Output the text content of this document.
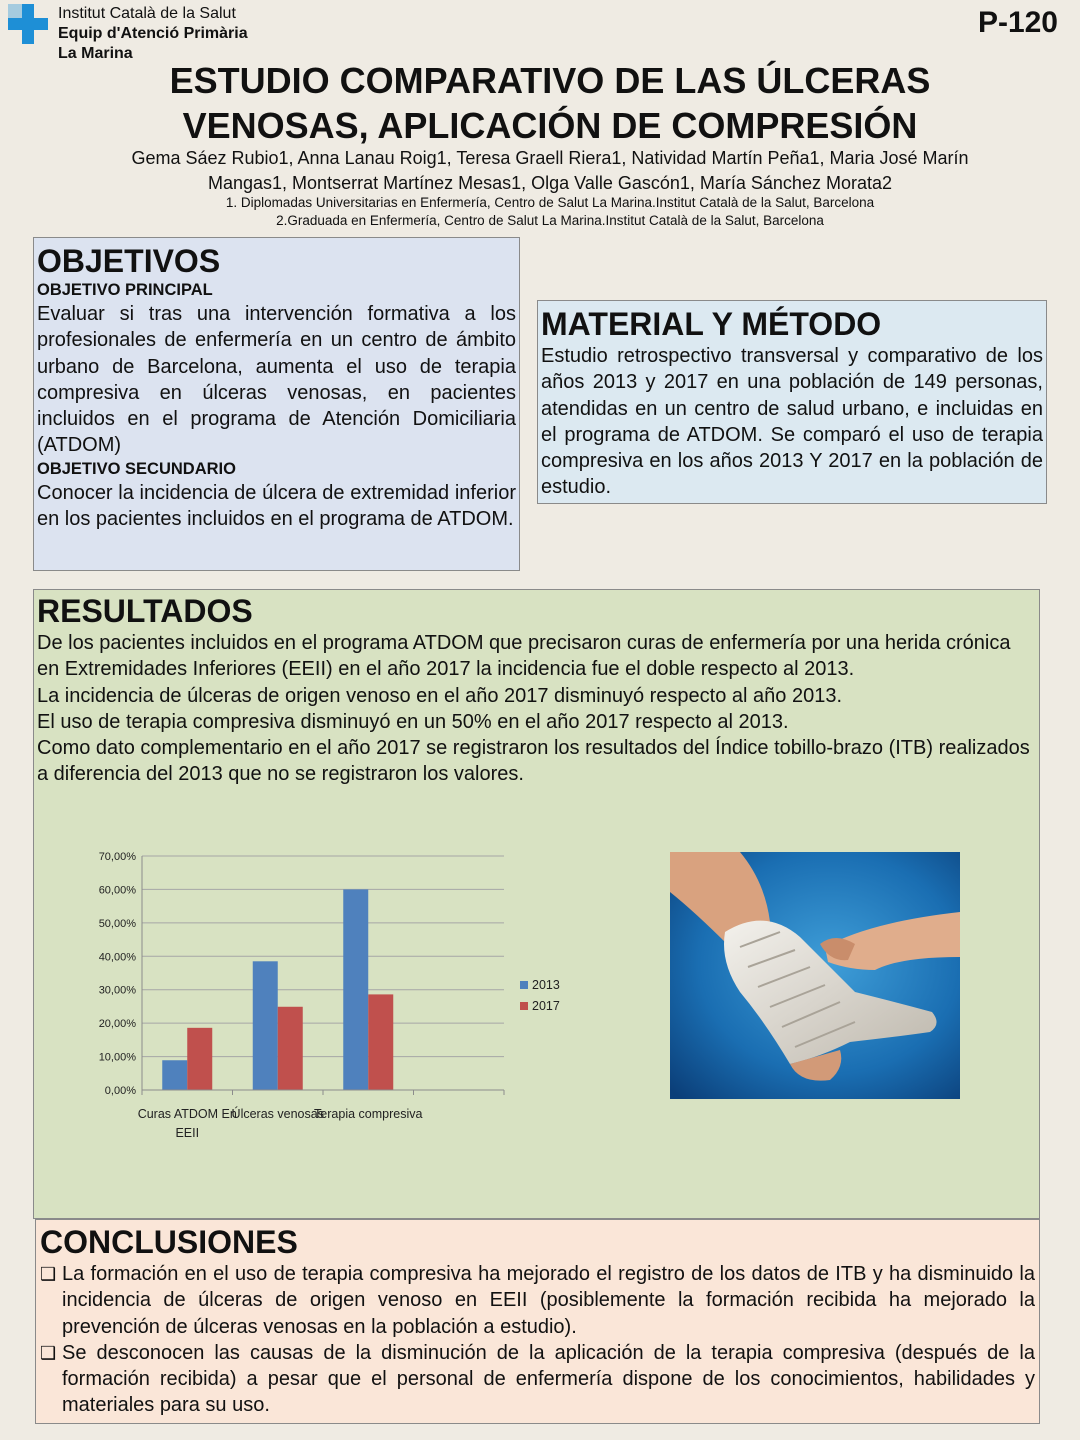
Institut Català de la Salut
Equip d'Atenció Primària
La Marina
P-120
ESTUDIO COMPARATIVO DE LAS ÚLCERAS
VENOSAS, APLICACIÓN DE COMPRESIÓN
Gema Sáez Rubio1, Anna Lanau Roig1, Teresa Graell Riera1, Natividad Martín Peña1, Maria José Marín
Mangas1, Montserrat Martínez Mesas1, Olga Valle Gascón1, María Sánchez Morata2
1. Diplomadas Universitarias en Enfermería, Centro de Salut La Marina.Institut Català de la Salut, Barcelona
2.Graduada en Enfermería, Centro de Salut La Marina.Institut Català de la Salut, Barcelona
OBJETIVOS
OBJETIVO PRINCIPAL
Evaluar si tras una intervención formativa a los profesionales de enfermería en un centro de ámbito urbano de Barcelona, aumenta el uso de terapia compresiva en úlceras venosas, en pacientes incluidos en el programa de Atención Domiciliaria (ATDOM)
OBJETIVO SECUNDARIO
Conocer la incidencia de úlcera de extremidad inferior en los pacientes incluidos en el programa de ATDOM.
MATERIAL Y MÉTODO
Estudio retrospectivo transversal y comparativo de los años 2013 y 2017 en una población de 149 personas, atendidas en un centro de salud urbano, e incluidas en el programa de ATDOM. Se comparó el uso de terapia compresiva en los años 2013 Y 2017 en la población de estudio.
RESULTADOS
De los pacientes incluidos en el programa ATDOM que precisaron curas de enfermería por una herida crónica en Extremidades Inferiores (EEII) en el año 2017 la incidencia fue el doble respecto al 2013.
La incidencia de úlceras de origen venoso en el año 2017 disminuyó respecto al año 2013.
El uso de terapia compresiva disminuyó en un 50% en el año 2017 respecto al 2013.
Como dato complementario en el año 2017 se registraron los resultados del Índice tobillo-brazo (ITB) realizados a diferencia del 2013 que no se registraron los valores.
0,00%
10,00%
20,00%
30,00%
40,00%
50,00%
60,00%
70,00%
Curas ATDOM En
EEII
Úlceras venosas
Terapia compresiva
2013
2017
CONCLUSIONES
❑ La formación en el uso de terapia compresiva ha mejorado el registro de los datos de ITB y ha disminuido la incidencia de úlceras de origen venoso en EEII (posiblemente la formación recibida ha mejorado la prevención de úlceras venosas en la población a estudio).
❑ Se desconocen las causas de la disminución de la aplicación de la terapia compresiva (después de la formación recibida) a pesar que el personal de enfermería dispone de los conocimientos, habilidades y materiales para su uso.
